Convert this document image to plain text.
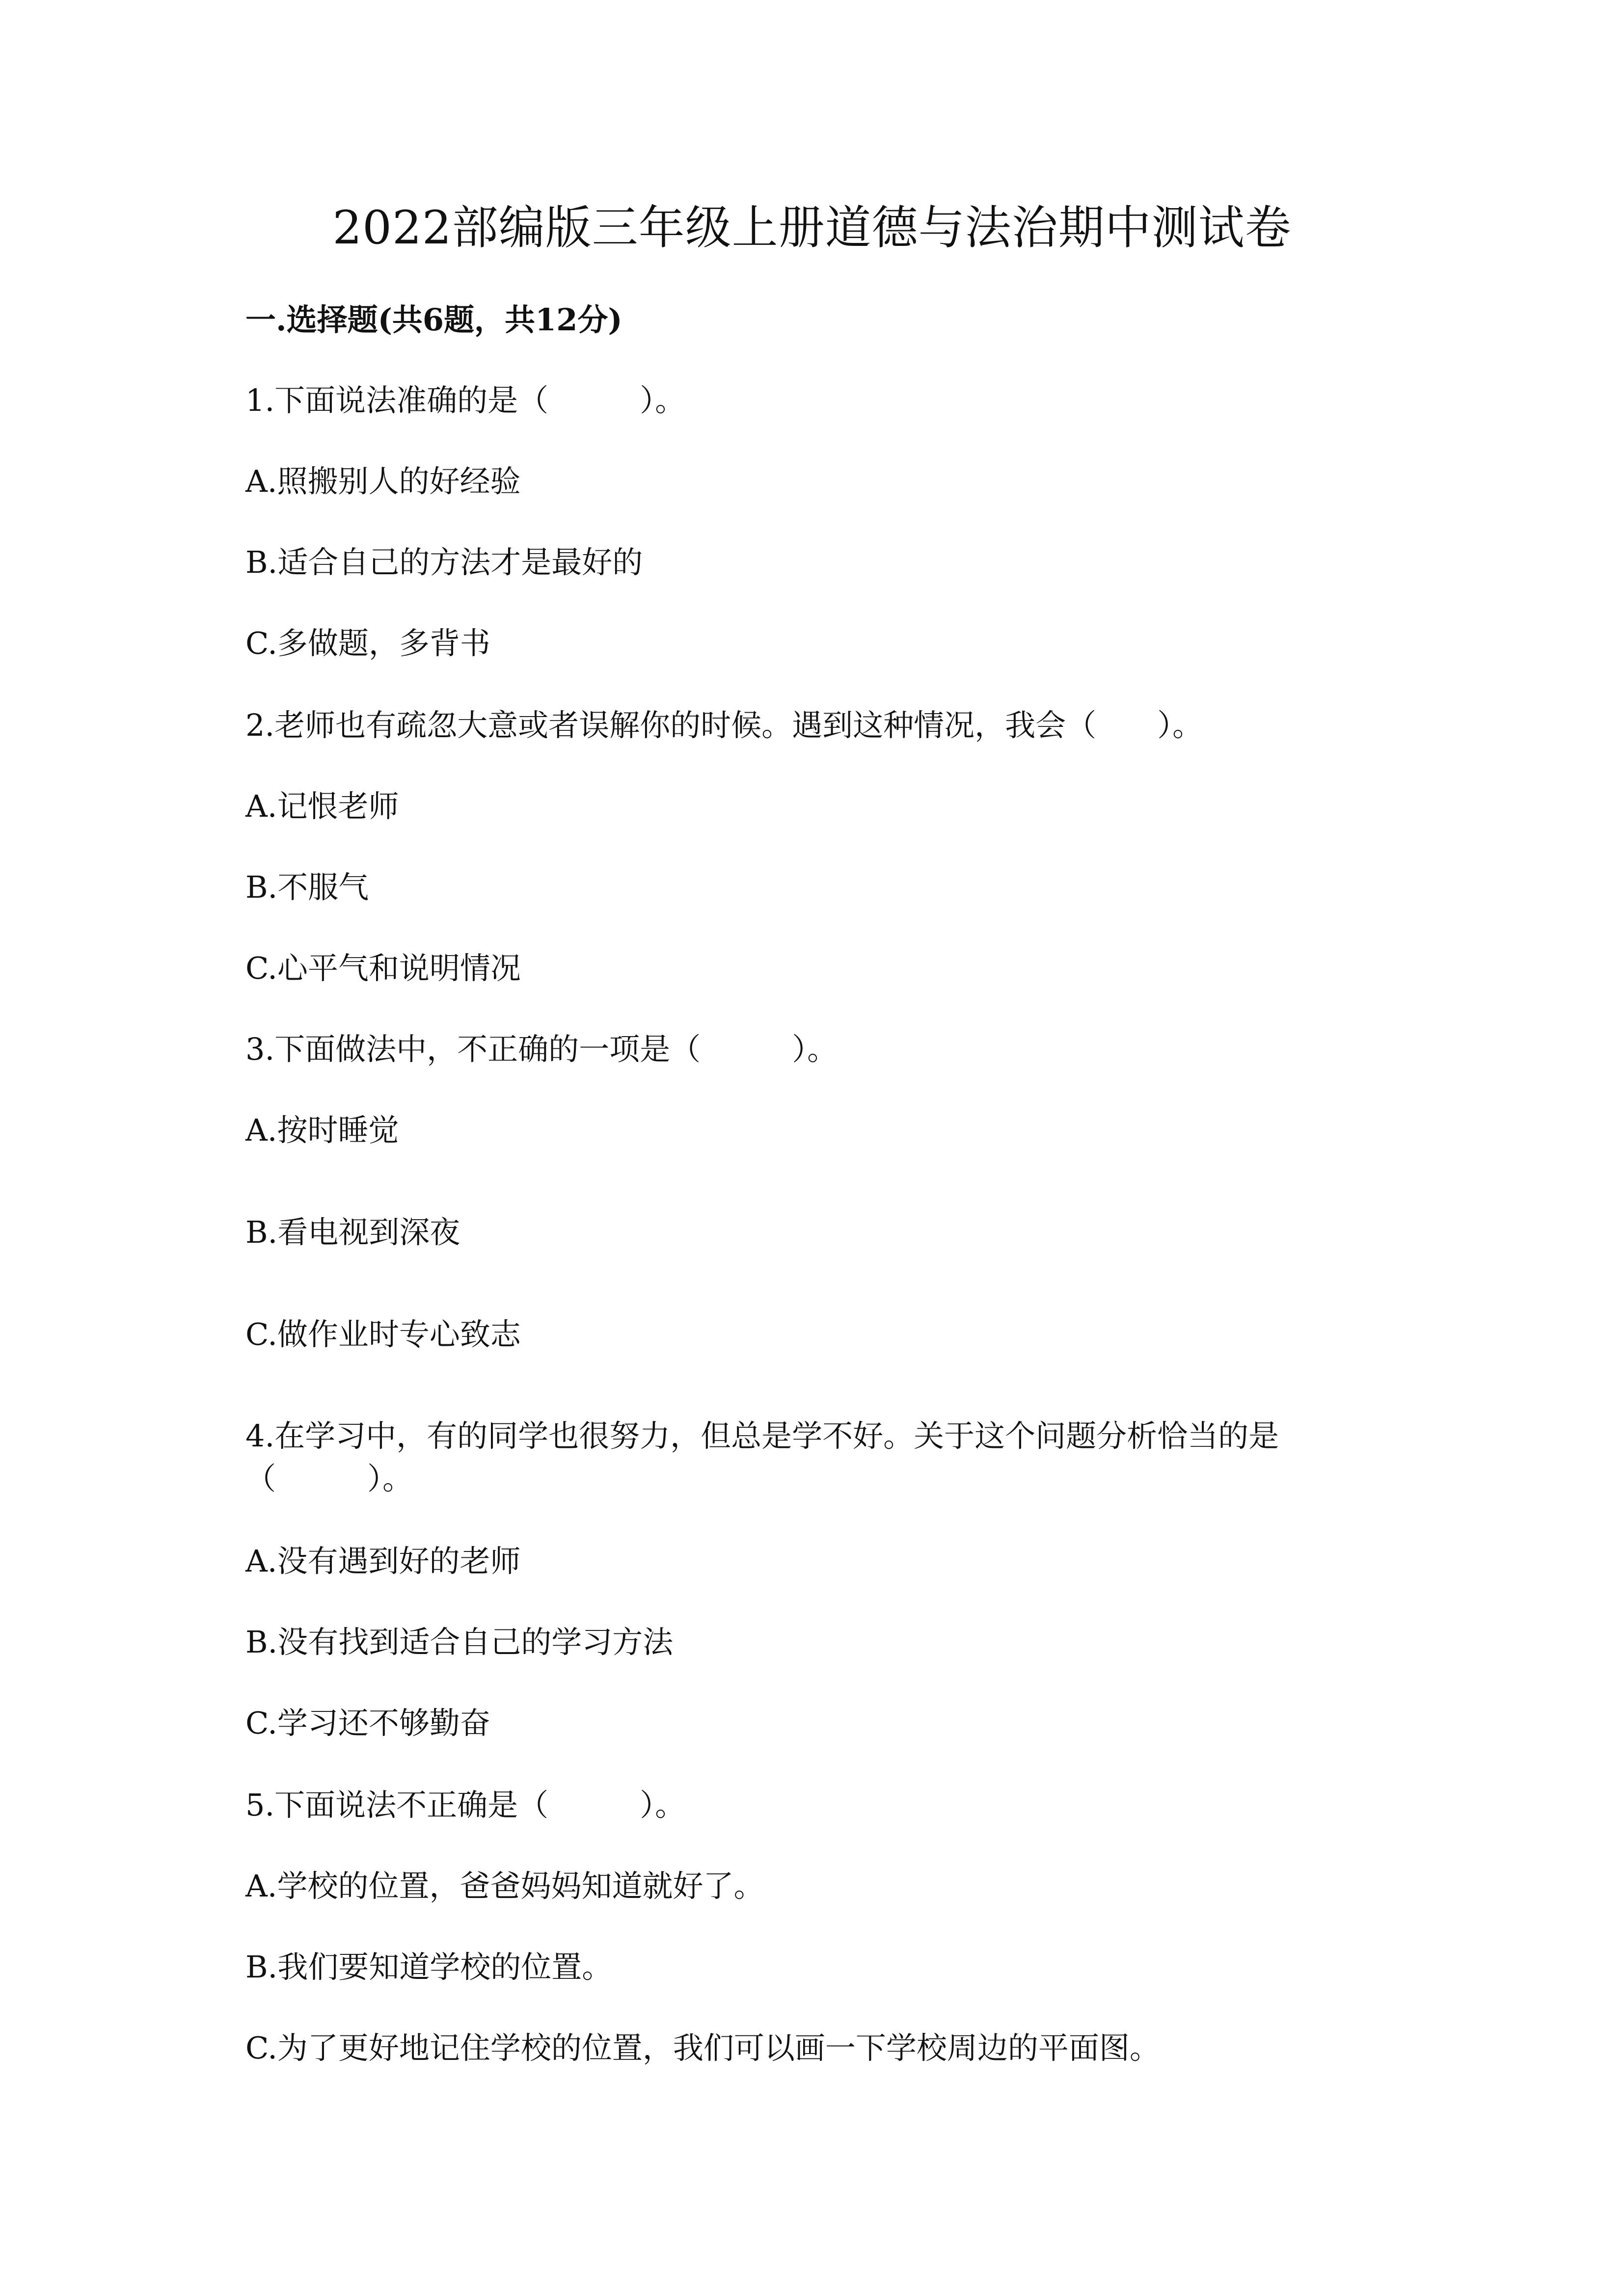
2022部编版三年级上册道德与法治期中测试卷
一.选择题(共6题，共12分)
1.下面说法准确的是（　　　）。
A.照搬别人的好经验
B.适合自己的方法才是最好的
C.多做题，多背书
2.老师也有疏忽大意或者误解你的时候。遇到这种情况，我会（　　）。
A.记恨老师
B.不服气
C.心平气和说明情况
3.下面做法中，不正确的一项是（　　　）。
A.按时睡觉
B.看电视到深夜
C.做作业时专心致志
4.在学习中，有的同学也很努力，但总是学不好。关于这个问题分析恰当的是
（　　　）。
A.没有遇到好的老师
B.没有找到适合自己的学习方法
C.学习还不够勤奋
5.下面说法不正确是（　　　）。
A.学校的位置，爸爸妈妈知道就好了。
B.我们要知道学校的位置。
C.为了更好地记住学校的位置，我们可以画一下学校周边的平面图。
